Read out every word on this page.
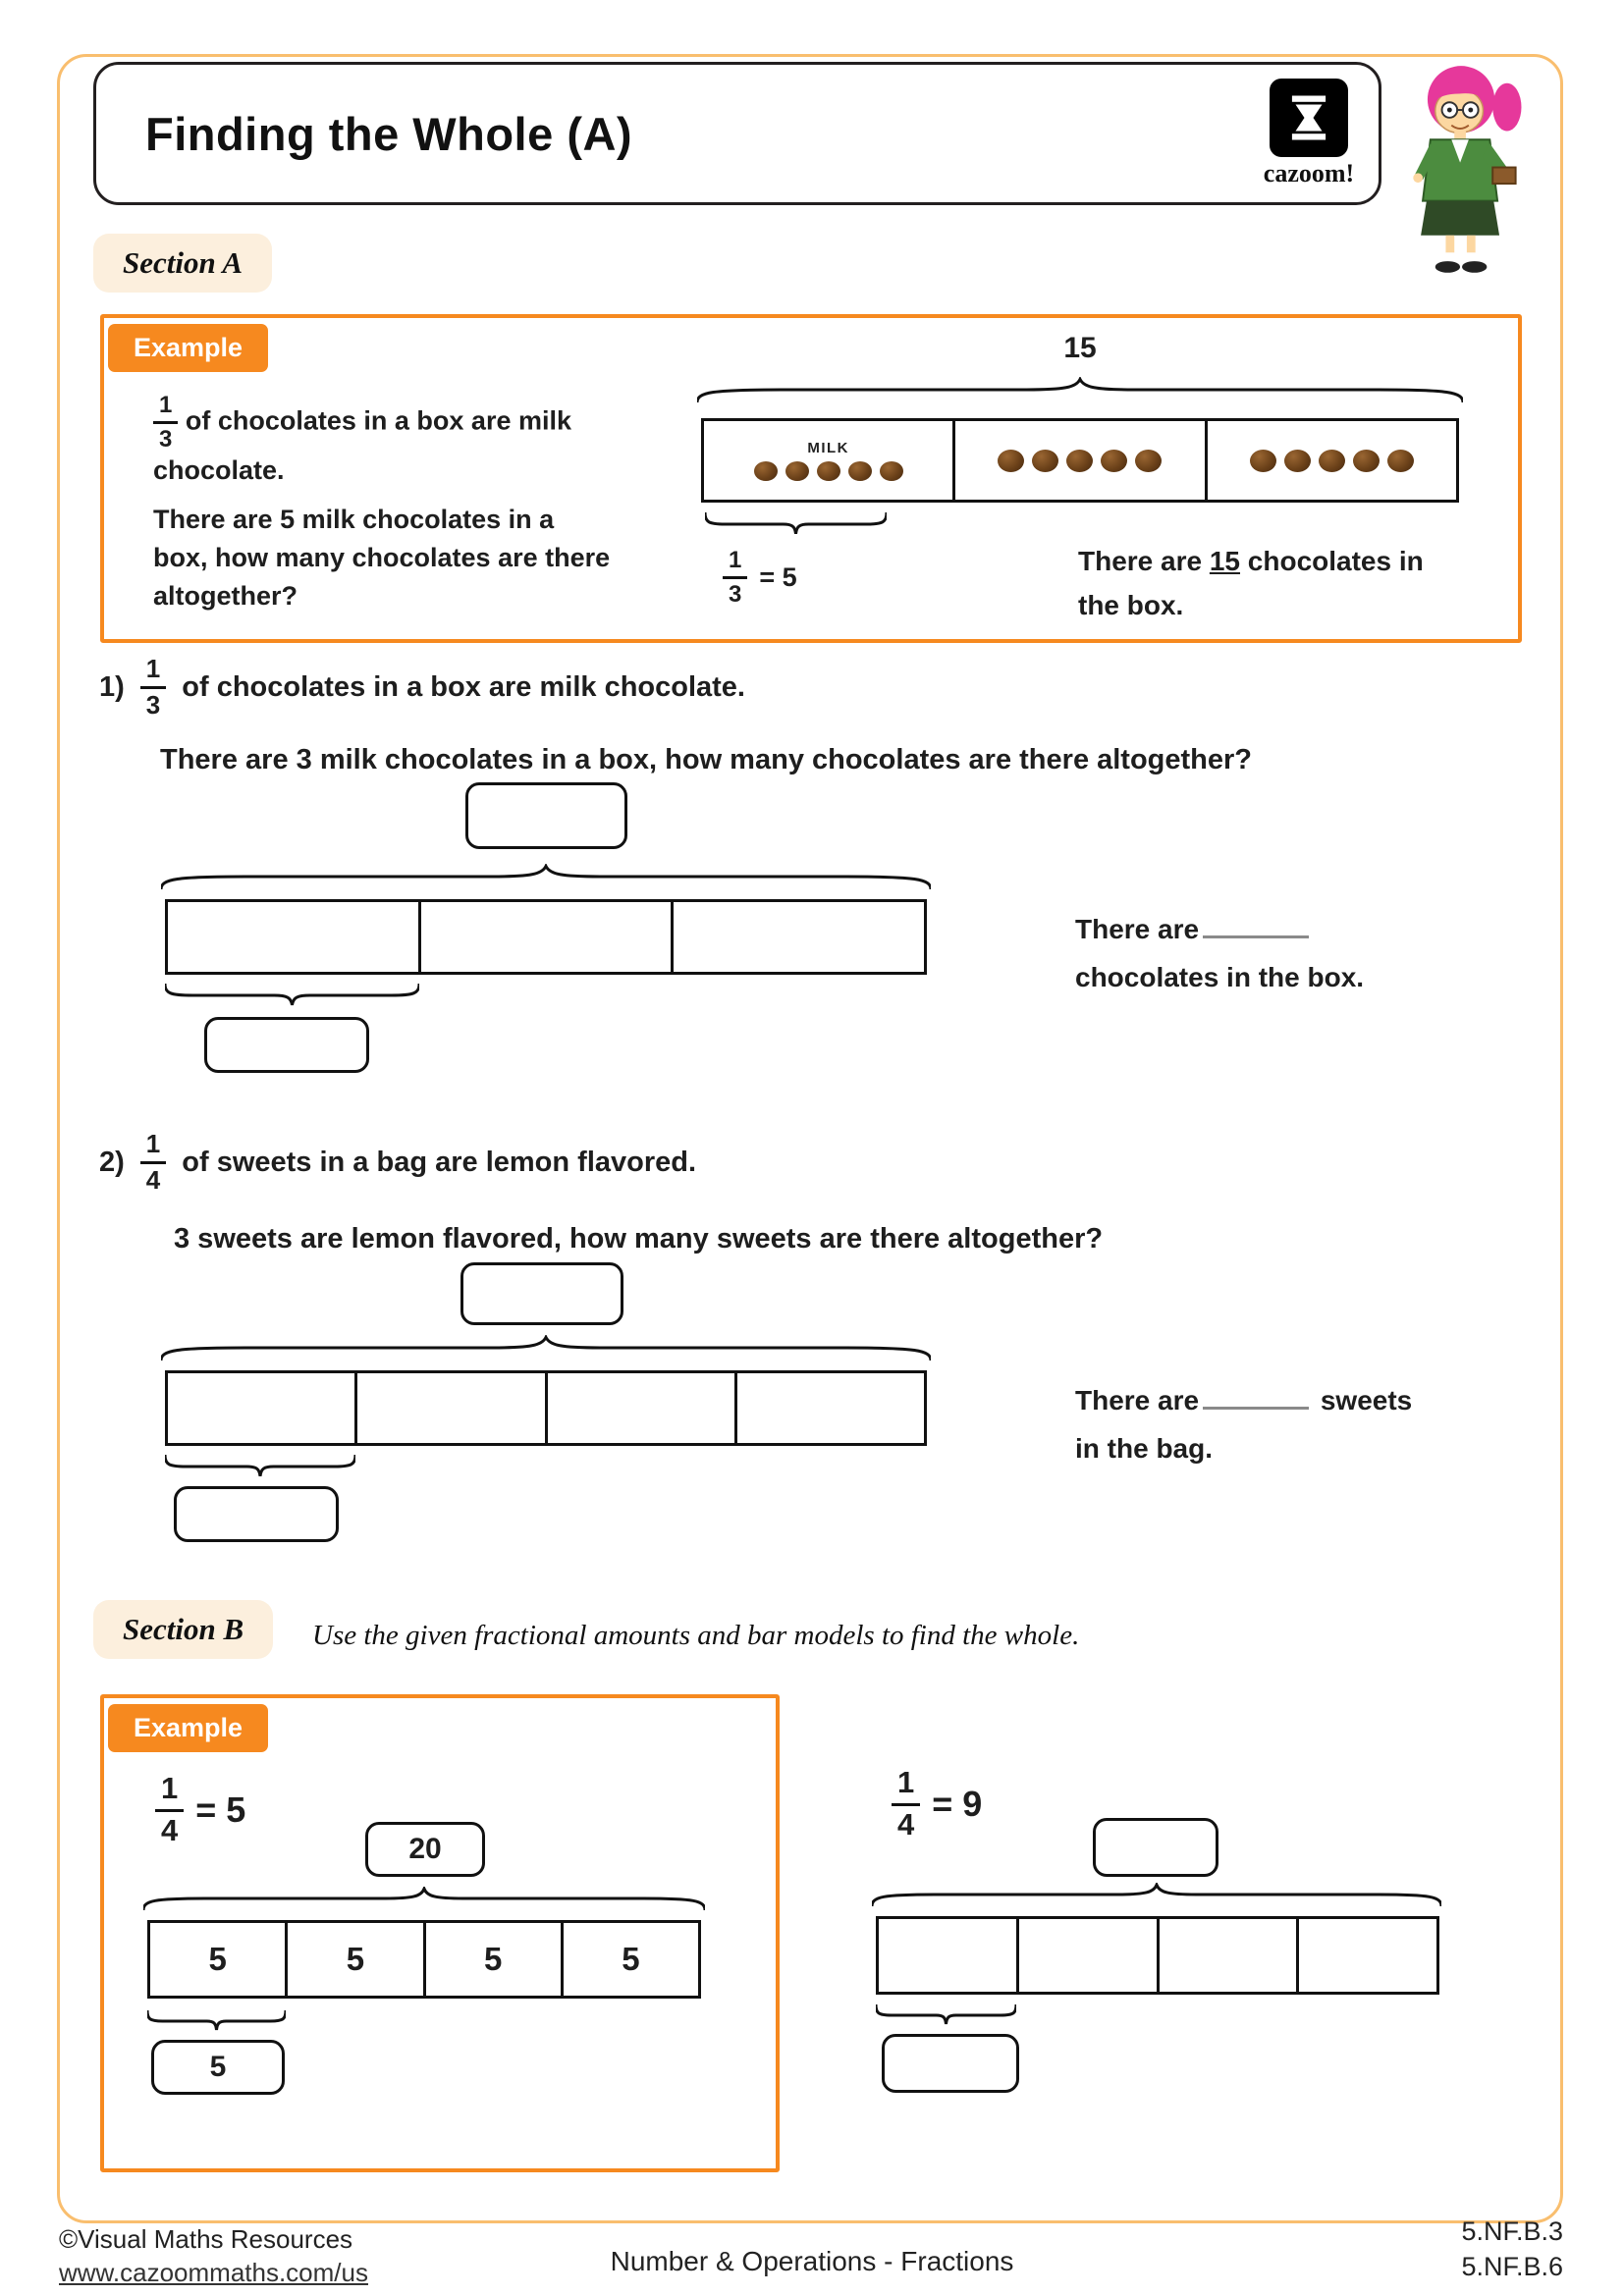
Finding the Whole (A)
cazoom!
Section A
Example
$\frac{1}{3}$ of chocolates in a box are milk chocolate.
There are 5 milk chocolates in a box, how many chocolates are there altogether?
15
MILK
$\frac{1}{3} = 5$
There are 15 chocolates in the box.
$1) \frac{1}{3}$ of chocolates in a box are milk chocolate.
There are 3 milk chocolates in a box, how many chocolates are there altogether?
There are chocolates in the box.
$2) \frac{1}{4}$ of sweets in a bag are lemon flavored.
3 sweets are lemon flavored, how many sweets are there altogether?
There are	sweets in the bag.
Section B	Use the given fractional amounts and bar models to find the whole.
Example
$\frac{1}{4} = 5$
20
5	5	5	5
5
$\frac{1}{4} = 9$
©Visual Maths Resources
www.cazoommaths.com/us	Number & Operations - Fractions
5.NF.B.3
5.NF.B.6
